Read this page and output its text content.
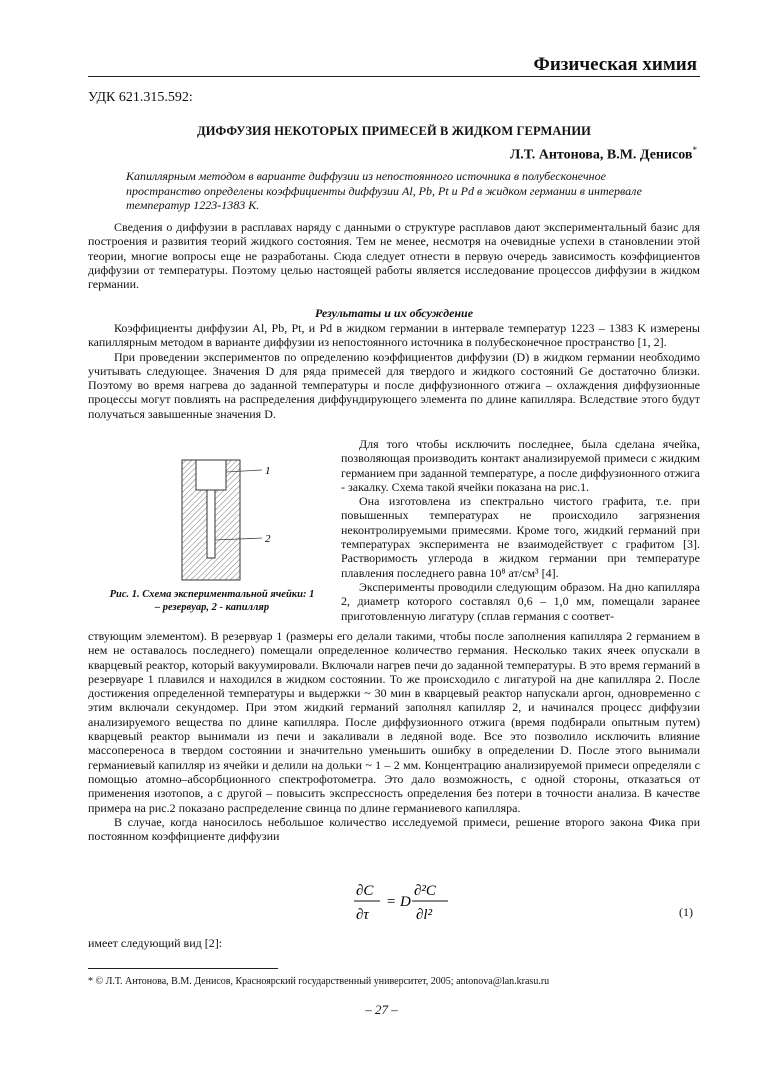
Физическая химия
УДК 621.315.592:
ДИФФУЗИЯ НЕКОТОРЫХ ПРИМЕСЕЙ В ЖИДКОМ ГЕРМАНИИ
Л.Т. Антонова, В.М. Денисов*
Капиллярным методом в варианте диффузии из непостоянного источника в полубесконечное пространство определены коэффициенты диффузии Al, Pb, Pt и Pd в жидком германии в интервале темпеpатур 1223-1383 K.

Сведения о диффузии в расплавах наряду с данными о структуре расплавов дают экспериментальный базис для построения и развития теорий жидкого состояния. Тем не менее, несмотря на очевидные успехи в становлении этой теории, многие вопросы еще не разработаны. Сюда следует отнести в первую очередь зависимость коэффициентов диффузии от температуры. Поэтому целью настоящей работы является исследование процессов диффузии в жидком германии.

Результаты и их обсуждение

Коэффициенты диффузии Al, Pb, Pt, и Pd в жидком германии в интервале температур 1223 – 1383 K измерены капиллярным методом в варианте диффузии из непостоянного источника в полубесконечное пространство [1, 2].

При проведении экспериментов по определению коэффициентов диффузии (D) в жидком германии необходимо учитывать следующее. Значения D для ряда примесей для твердого и жидкого состояний Ge достаточно близки. Поэтому во время нагрева до заданной температуры и после диффузионного отжига – охлаждения диффузионные процессы могут повлиять на распределения диффундирующего элемента по длине капилляра. Вследствие этого будут получаться завышенные значения D.

1
2
Рис. 1. Схема экспериментальной ячейки: 1 – резервуар, 2 - капилляр

Для того чтобы исключить последнее, была сделана ячейка, позволяющая производить контакт анализируемой примеси с жидким германием при заданной температуре, а после диффузионного отжига - закалку. Схема такой ячейки показана на рис.1.

Она изготовлена из спектрально чистого графита, т.е. при повышенных температурах не происходило загрязнения неконтролируемыми примесями. Кроме того, жидкий германий при температурах эксперимента не взаимодействует с графитом [3]. Растворимость углерода в жидком германии при температуре плавления последнего равна 10⁸ ат/см³ [4].

Эксперименты проводили следующим образом. На дно капилляра 2, диаметр которого составлял 0,6 – 1,0 мм, помещали заранее приготовленную лигатуру (сплав германия с соответ-

ствующим элементом). В резервуар 1 (размеры его делали такими, чтобы после заполнения капилляра 2 германием в нем не оставалось последнего) помещали определенное количество германия. Несколько таких ячеек опускали в кварцевый реактор, который вакуумировали. Включали нагрев печи до заданной температуры. В это время германий в резервуаре 1 плавился и находился в жидком состоянии. То же происходило с лигатурой на дне капилляра 2. После достижения определенной температуры и выдержки ~ 30 мин в кварцевый реактор напускали аргон, одновременно с этим включали секундомер. При этом жидкий германий заполнял капилляр 2, и начинался процесс диффузии анализируемого вещества по длине капилляра. После диффузионного отжига (время подбирали опытным путем) кварцевый реактор вынимали из печи и закаливали в ледяной воде. Все это позволило исключить влияние массопереноса в твердом состоянии и значительно уменьшить ошибку в определении D. После этого вынимали германиевый капилляр из ячейки и делили на дольки ~ 1 – 2 мм. Концентрацию анализируемой примеси определяли с помощью атомно–абсорбционного спектрофотометра. Это дало возможность, с одной стороны, отказаться от применения изотопов, а с другой – повысить экспрессность определения без потери в точности анализа. В качестве примера на рис.2 показано распределение свинца по длине германиевого капилляра.

В случае, когда наносилось небольшое количество исследуемой примеси, решение второго закона Фика при постоянном коэффициенте диффузии

∂C
∂τ
= D
∂²C
∂l²	(1)

имеет следующий вид [2]:

* © Л.Т. Антонова, В.М. Денисов, Красноярский государственный университет, 2005; antonova@lan.krasu.ru
– 27 –
